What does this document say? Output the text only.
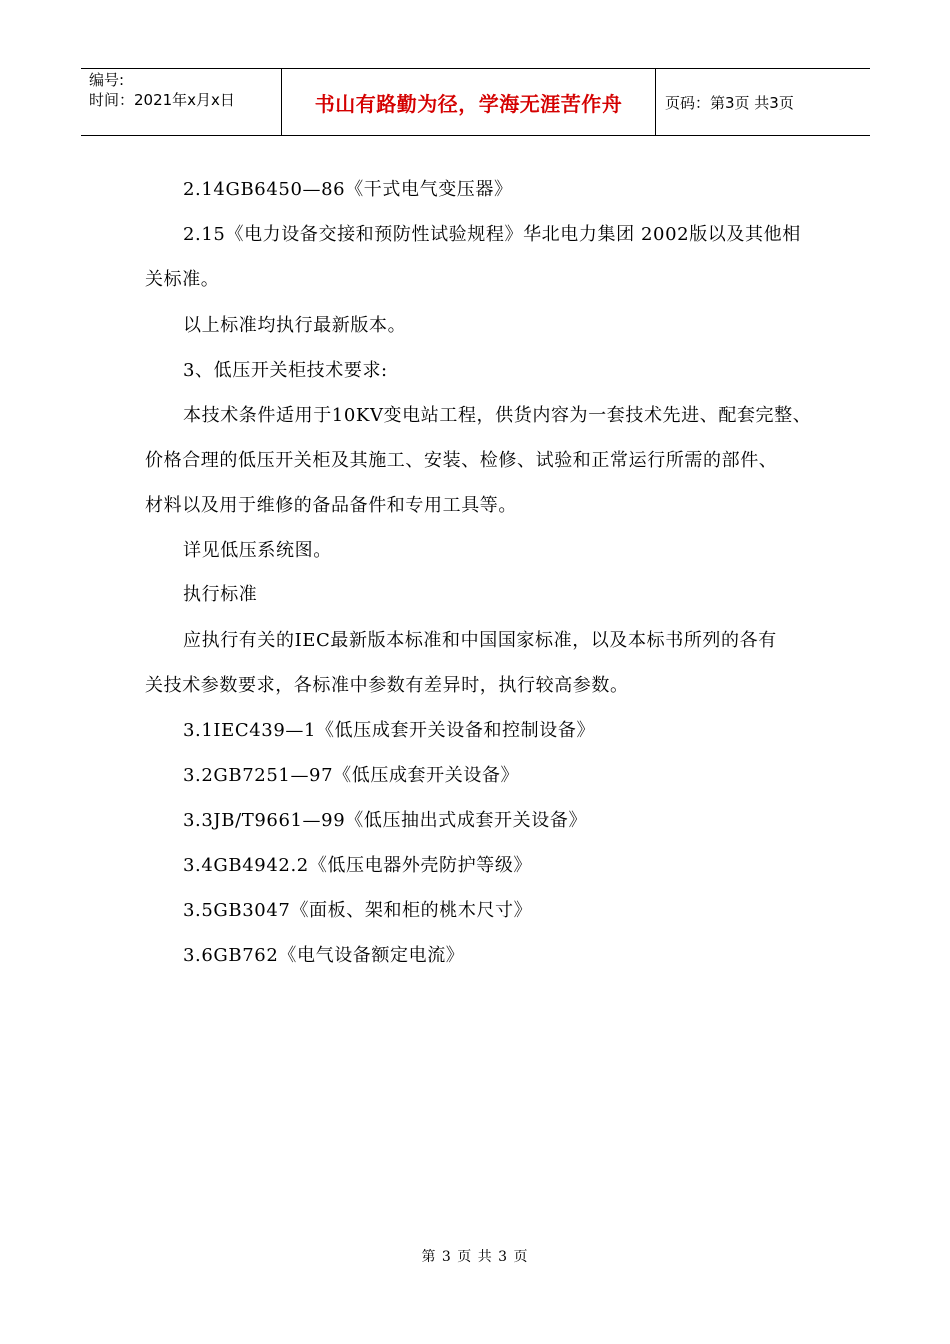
编号:
时间：2021年x月x日	书山有路勤为径，学海无涯苦作舟	页码：第3页 共3页
2.14GB6450—86《干式电气变压器》
2.15《电力设备交接和预防性试验规程》华北电力集团 2002版以及其他相
关标准。
以上标准均执行最新版本。
3、低压开关柜技术要求:
本技术条件适用于10KV变电站工程，供货内容为一套技术先进、配套完整、
价格合理的低压开关柜及其施工、安装、检修、试验和正常运行所需的部件、
材料以及用于维修的备品备件和专用工具等。
详见低压系统图。
执行标准
应执行有关的IEC最新版本标准和中国国家标准，以及本标书所列的各有
关技术参数要求，各标准中参数有差异时，执行较高参数。
3.1IEC439—1《低压成套开关设备和控制设备》
3.2GB7251—97《低压成套开关设备》
3.3JB/T9661—99《低压抽出式成套开关设备》
3.4GB4942.2《低压电器外壳防护等级》
3.5GB3047《面板、架和柜的桃木尺寸》
3.6GB762《电气设备额定电流》
第 3 页 共 3 页
